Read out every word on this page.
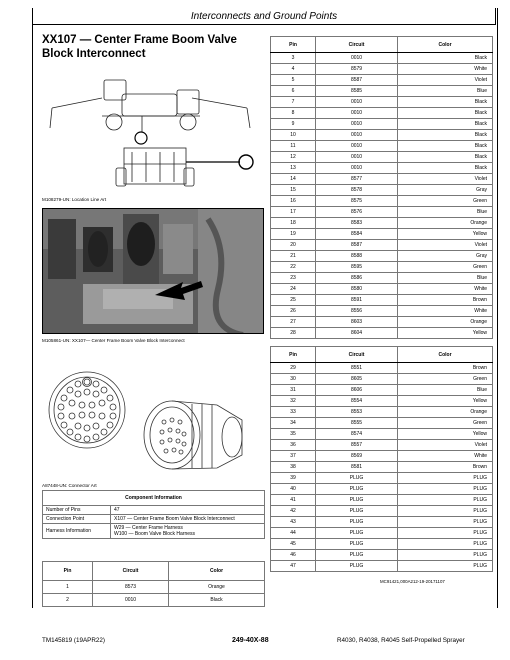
Interconnects and Ground Points
XX107 — Center Frame Boom Valve Block Interconnect
M108279-UN: Location Line Art
M105861-UN: XX107— Center Frame Boom Valve Block Interconnect
A87448-UN: Connector Art
Pin	Circuit	Color
3	0010	Black
4	8579	White
5	8587	Violet
6	8585	Blue
7	0010	Black
8	0010	Black
9	0010	Black
10	0010	Black
11	0010	Black
12	0010	Black
13	0010	Black
14	8577	Violet
15	8578	Gray
16	8575	Green
17	8576	Blue
18	8583	Orange
19	8584	Yellow
20	8587	Violet
21	8588	Gray
22	8595	Green
23	8586	Blue
24	8580	White
25	8591	Brown
26	8556	White
27	8603	Orange
28	8604	Yellow
Pin	Circuit	Color
29	8551	Brown
30	8605	Green
31	8606	Blue
32	8554	Yellow
33	8553	Orange
34	8555	Green
35	8574	Yellow
36	8557	Violet
37	8569	White
38	8581	Brown
39	PLUG	PLUG
40	PLUG	PLUG
41	PLUG	PLUG
42	PLUG	PLUG
43	PLUG	PLUG
44	PLUG	PLUG
45	PLUG	PLUG
46	PLUG	PLUG
47	PLUG	PLUG
Component Information	
Number of Pins	47
Connection Point	X107 — Center Frame Boom Valve Block Interconnect
Harness Information	W29 — Center Frame Harness
W100 — Boom Valve Block Harness
Pin	Circuit	Color
1	8573	Orange
2	0010	Black
MC91421,000A212-19-20171107
TM145819 (19APR22)	249-40X-88	R4030, R4038, R4045 Self-Propelled Sprayer
